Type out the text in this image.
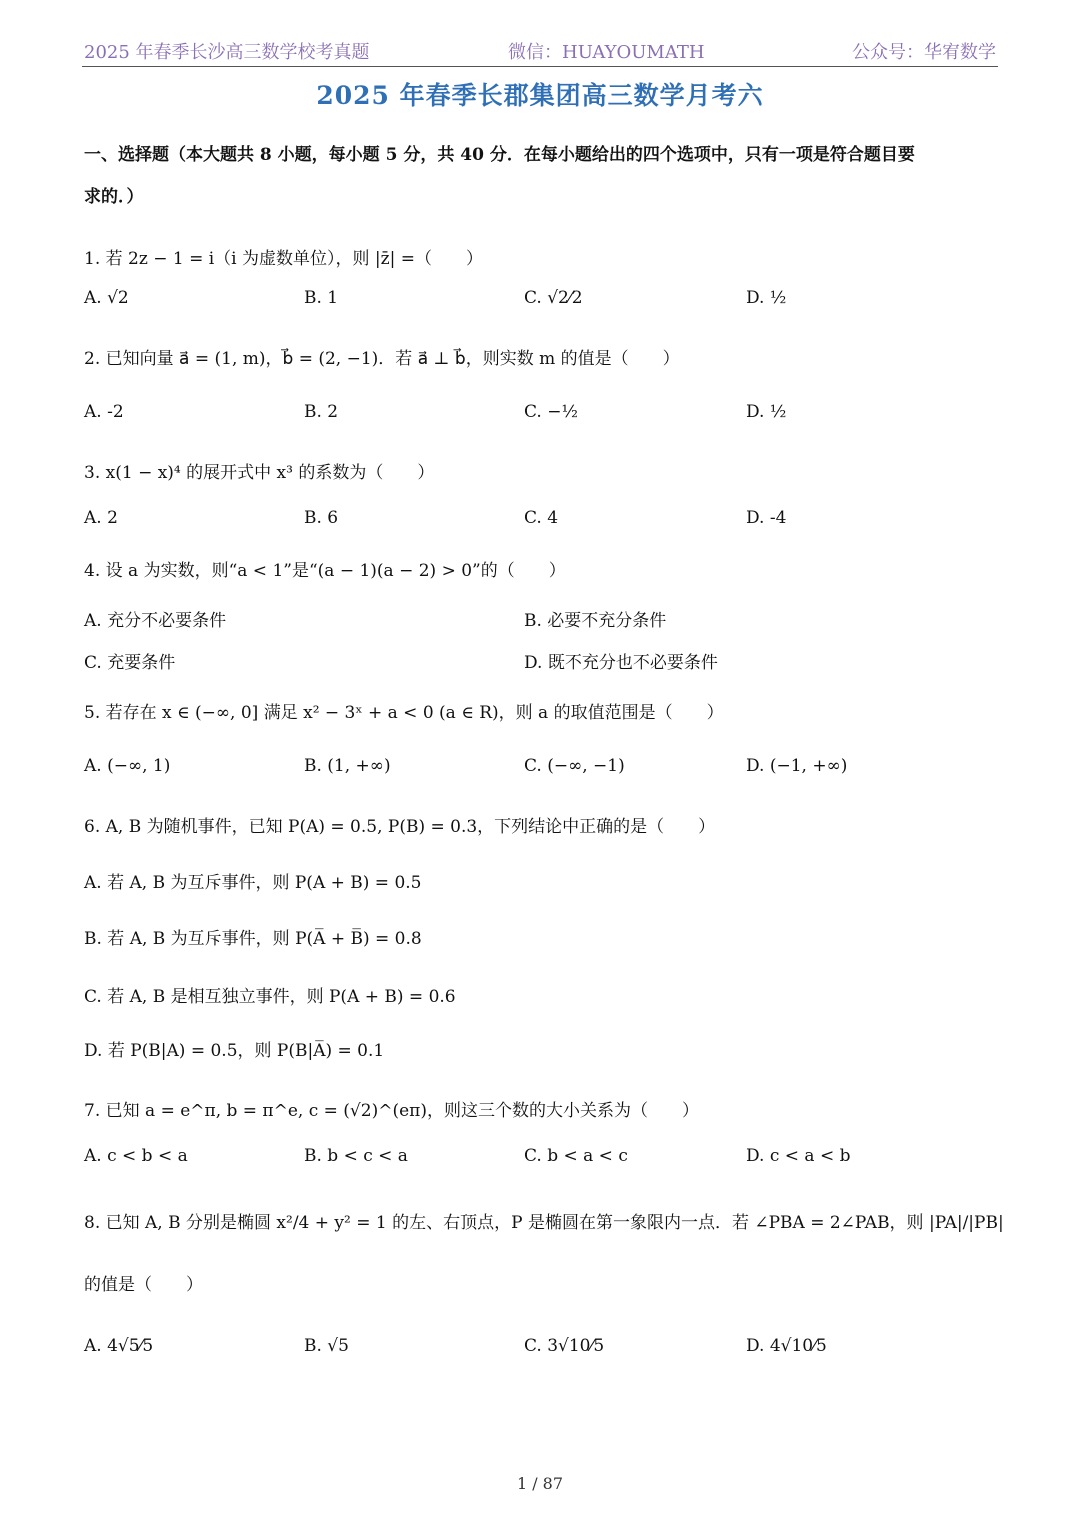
2025 年春季长沙高三数学校考真题	微信：HUAYOUMATH	公众号：华宥数学
2025 年春季长郡集团高三数学月考六
一、选择题（本大题共 8 小题，每小题 5 分，共 40 分．在每小题给出的四个选项中，只有一项是符合题目要
求的．）
1. 若 2z − 1 = i（i 为虚数单位），则 |z̄| =（　　）
A. √2	B. 1	C. √2⁄2	D. ½
2. 已知向量 a⃗ = (1, m)，b⃗ = (2, −1)．若 a⃗ ⊥ b⃗，则实数 m 的值是（　　）
A. -2	B. 2	C. −½	D. ½
3. x(1 − x)⁴ 的展开式中 x³ 的系数为（　　）
A. 2	B. 6	C. 4	D. -4
4. 设 a 为实数，则“a < 1”是“(a − 1)(a − 2) > 0”的（　　）
A. 充分不必要条件	B. 必要不充分条件
C. 充要条件	D. 既不充分也不必要条件
5. 若存在 x ∈ (−∞, 0] 满足 x² − 3ˣ + a < 0 (a ∈ R)，则 a 的取值范围是（　　）
A. (−∞, 1)	B. (1, +∞)	C. (−∞, −1)	D. (−1, +∞)
6. A, B 为随机事件，已知 P(A) = 0.5, P(B) = 0.3，下列结论中正确的是（　　）
A. 若 A, B 为互斥事件，则 P(A + B) = 0.5
B. 若 A, B 为互斥事件，则 P(A̅ + B̅) = 0.8
C. 若 A, B 是相互独立事件，则 P(A + B) = 0.6
D. 若 P(B|A) = 0.5，则 P(B|A̅) = 0.1
7. 已知 a = e^π, b = π^e, c = (√2)^(eπ)，则这三个数的大小关系为（　　）
A. c < b < a	B. b < c < a	C. b < a < c	D. c < a < b
8. 已知 A, B 分别是椭圆 x²/4 + y² = 1 的左、右顶点，P 是椭圆在第一象限内一点．若 ∠PBA = 2∠PAB，则 |PA|/|PB|
的值是（　　）
A. 4√5⁄5	B. √5	C. 3√10⁄5	D. 4√10⁄5
1 / 87
